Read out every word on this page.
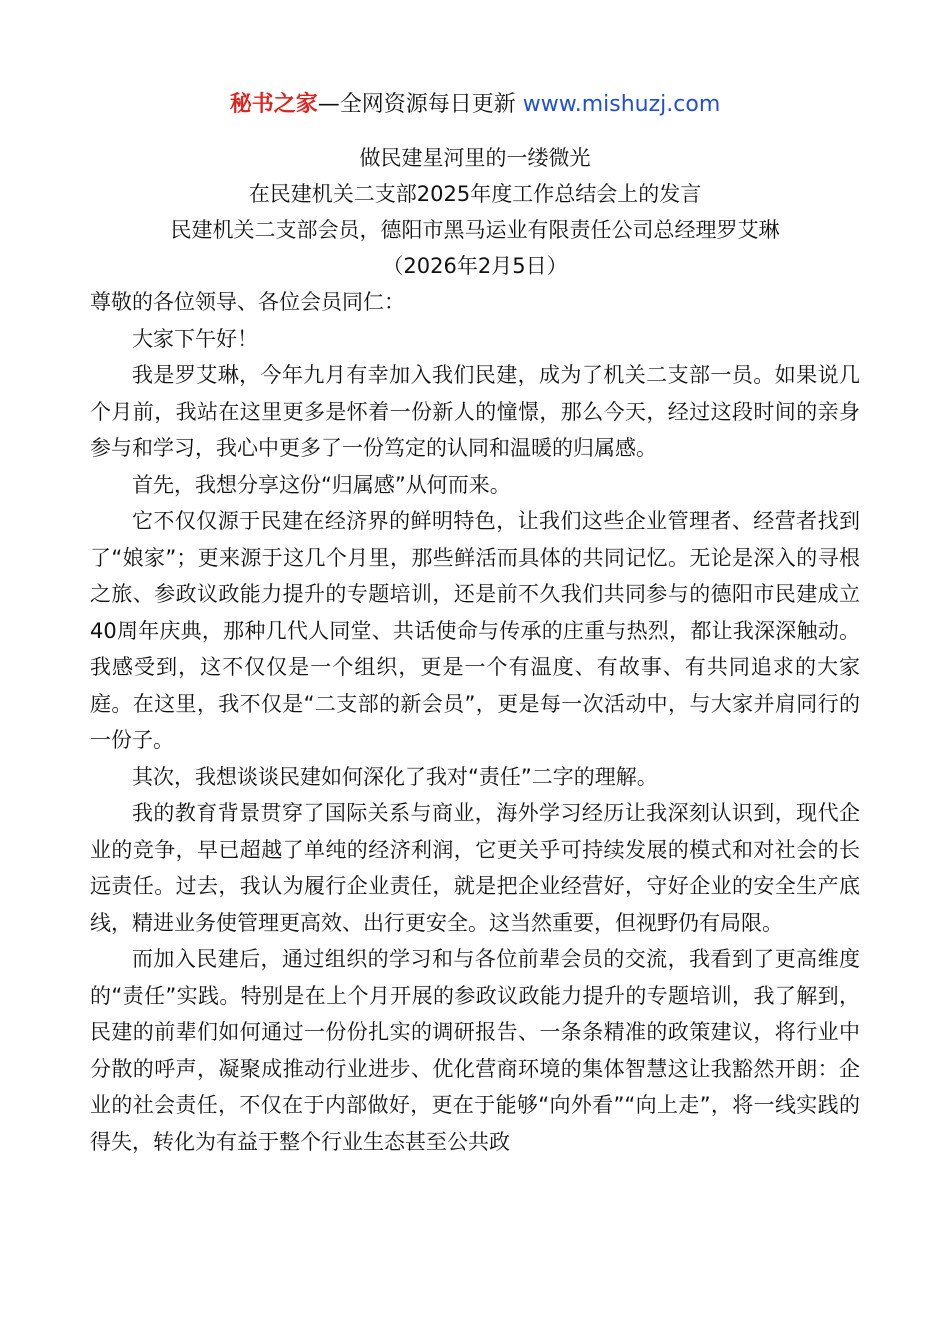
秘书之家—全网资源每日更新 www.mishuzj.com
做民建星河里的一缕微光
在民建机关二支部2025年度工作总结会上的发言
民建机关二支部会员，德阳市黑马运业有限责任公司总经理罗艾琳
（2026年2月5日）

尊敬的各位领导、各位会员同仁：

大家下午好！

我是罗艾琳，今年九月有幸加入我们民建，成为了机关二支部一员。如果说几个月前，我站在这里更多是怀着一份新人的憧憬，那么今天，经过这段时间的亲身参与和学习，我心中更多了一份笃定的认同和温暖的归属感。

首先，我想分享这份“归属感”从何而来。

它不仅仅源于民建在经济界的鲜明特色，让我们这些企业管理者、经营者找到了“娘家”；更来源于这几个月里，那些鲜活而具体的共同记忆。无论是深入的寻根之旅、参政议政能力提升的专题培训，还是前不久我们共同参与的德阳市民建成立40周年庆典，那种几代人同堂、共话使命与传承的庄重与热烈，都让我深深触动。我感受到，这不仅仅是一个组织，更是一个有温度、有故事、有共同追求的大家庭。在这里，我不仅是“二支部的新会员”，更是每一次活动中，与大家并肩同行的一份子。

其次，我想谈谈民建如何深化了我对“责任”二字的理解。

我的教育背景贯穿了国际关系与商业，海外学习经历让我深刻认识到，现代企业的竞争，早已超越了单纯的经济利润，它更关乎可持续发展的模式和对社会的长远责任。过去，我认为履行企业责任，就是把企业经营好，守好企业的安全生产底线，精进业务使管理更高效、出行更安全。这当然重要，但视野仍有局限。

而加入民建后，通过组织的学习和与各位前辈会员的交流，我看到了更高维度的“责任”实践。特别是在上个月开展的参政议政能力提升的专题培训，我了解到，民建的前辈们如何通过一份份扎实的调研报告、一条条精准的政策建议，将行业中分散的呼声，凝聚成推动行业进步、优化营商环境的集体智慧这让我豁然开朗：企业的社会责任，不仅在于内部做好，更在于能够“向外看”“向上走”，将一线实践的得失，转化为有益于整个行业生态甚至公共政
